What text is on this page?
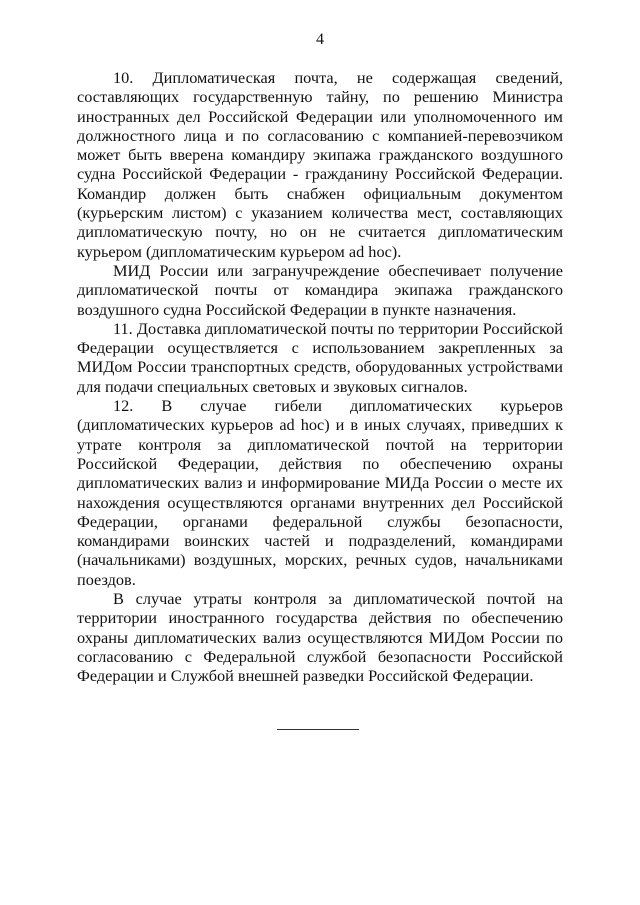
4

10. Дипломатическая почта, не содержащая сведений, составляющих государственную тайну, по решению Министра иностранных дел Российской Федерации или уполномоченного им должностного лица и по согласованию с компанией-перевозчиком может быть вверена командиру экипажа гражданского воздушного судна Российской Федерации - гражданину Российской Федерации. Командир должен быть снабжен официальным документом (курьерским листом) с указанием количества мест, составляющих дипломатическую почту, но он не считается дипломатическим курьером (дипломатическим курьером ad hoc).

МИД России или загранучреждение обеспечивает получение дипломатической почты от командира экипажа гражданского воздушного судна Российской Федерации в пункте назначения.

11. Доставка дипломатической почты по территории Российской Федерации осуществляется с использованием закрепленных за МИДом России транспортных средств, оборудованных устройствами для подачи специальных световых и звуковых сигналов.

12. В случае гибели дипломатических курьеров (дипломатических курьеров ad hoc) и в иных случаях, приведших к утрате контроля за дипломатической почтой на территории Российской Федерации, действия по обеспечению охраны дипломатических вализ и информирование МИДа России о месте их нахождения осуществляются органами внутренних дел Российской Федерации, органами федеральной службы безопасности, командирами воинских частей и подразделений, командирами (начальниками) воздушных, морских, речных судов, начальниками поездов.

В случае утраты контроля за дипломатической почтой на территории иностранного государства действия по обеспечению охраны дипломатических вализ осуществляются МИДом России по согласованию с Федеральной службой безопасности Российской Федерации и Службой внешней разведки Российской Федерации.
